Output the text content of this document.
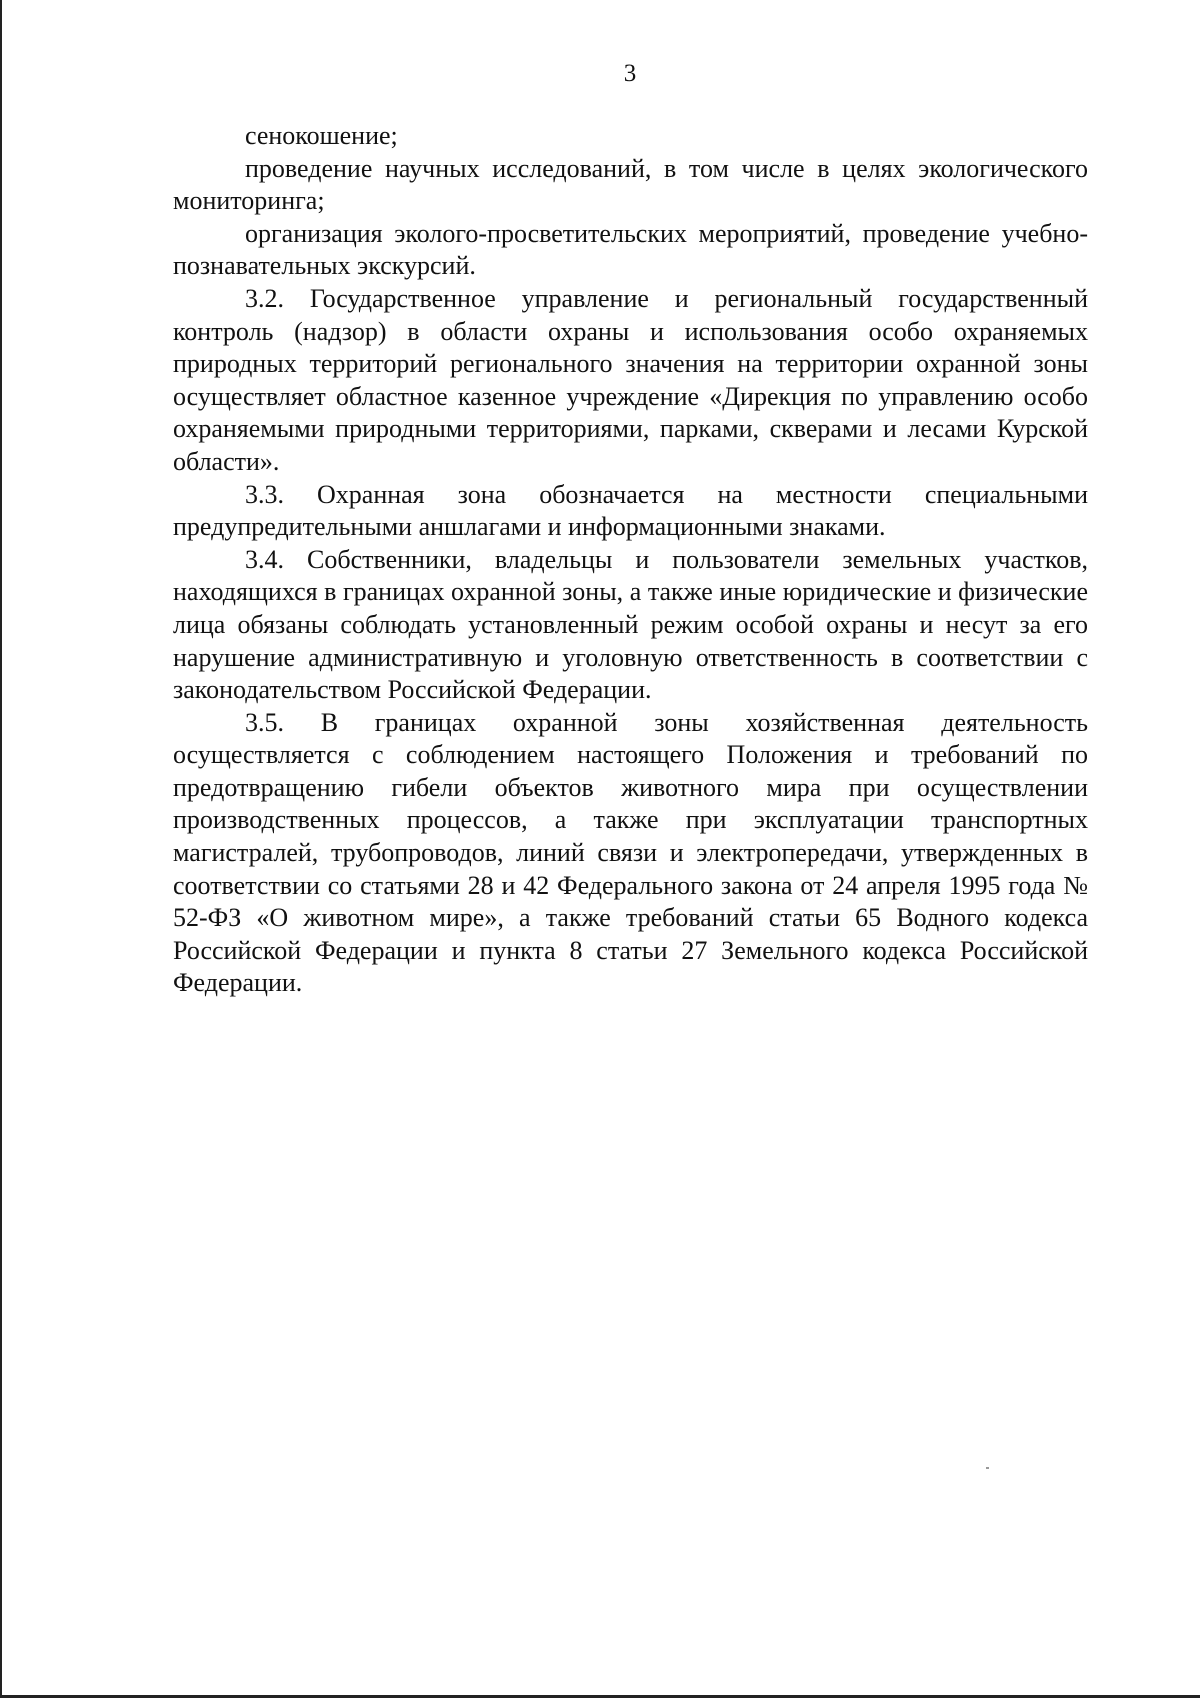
3

сенокошение;

проведение научных исследований, в том числе в целях экологического мониторинга;

организация эколого-просветительских мероприятий, проведение учебно-познавательных экскурсий.

3.2. Государственное управление и региональный государственный контроль (надзор) в области охраны и использования особо охраняемых природных территорий регионального значения на территории охранной зоны осуществляет областное казенное учреждение «Дирекция по управлению особо охраняемыми природными территориями, парками, скверами и лесами Курской области».

3.3. Охранная зона обозначается на местности специальными предупредительными аншлагами и информационными знаками.

3.4. Собственники, владельцы и пользователи земельных участков, находящихся в границах охранной зоны, а также иные юридические и физические лица обязаны соблюдать установленный режим особой охраны и несут за его нарушение административную и уголовную ответственность в соответствии с законодательством Российской Федерации.

3.5. В границах охранной зоны хозяйственная деятельность осуществляется с соблюдением настоящего Положения и требований по предотвращению гибели объектов животного мира при осуществлении производственных процессов, а также при эксплуатации транспортных магистралей, трубопроводов, линий связи и электропередачи, утвержденных в соответствии со статьями 28 и 42 Федерального закона от 24 апреля 1995 года № 52-ФЗ «О животном мире», а также требований статьи 65 Водного кодекса Российской Федерации и пункта 8 статьи 27 Земельного кодекса Российской Федерации.
